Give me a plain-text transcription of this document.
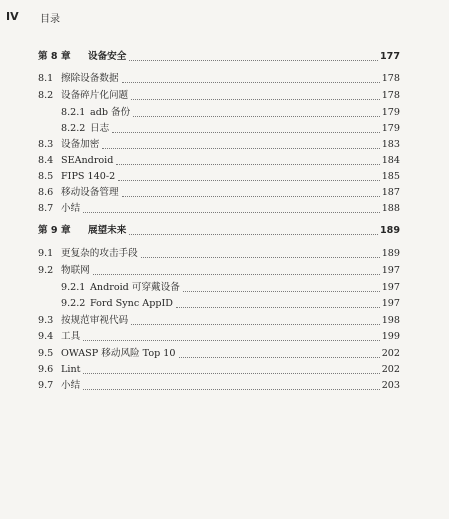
IV 目录
第 8 章	设备安全	177
8.1 擦除设备数据	178
8.2 设备碎片化问题	178
8.2.1 adb 备份	179
8.2.2 日志	179
8.3 设备加密	183
8.4 SEAndroid	184
8.5 FIPS 140-2	185
8.6 移动设备管理	187
8.7 小结	188
第 9 章	展望未来	189
9.1 更复杂的攻击手段	189
9.2 物联网	197
9.2.1 Android 可穿戴设备	197
9.2.2 Ford Sync AppID	197
9.3 按规范审视代码	198
9.4 工具	199
9.5 OWASP 移动风险 Top 10	202
9.6 Lint	202
9.7 小结	203
